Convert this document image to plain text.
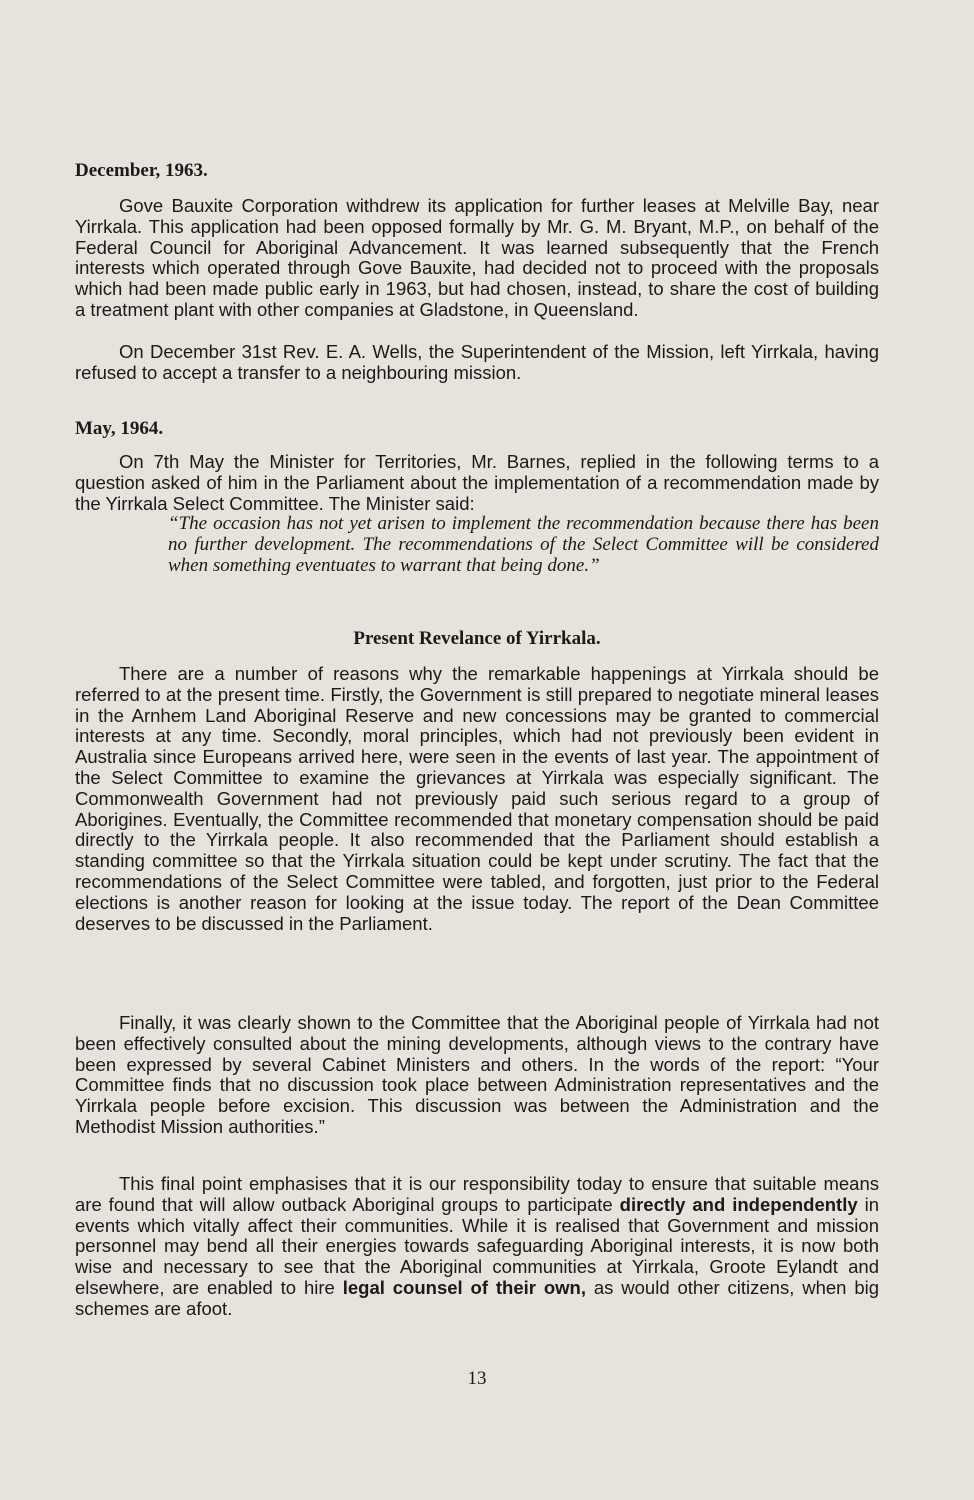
December, 1963.

Gove Bauxite Corporation withdrew its application for further leases at Melville Bay, near Yirrkala. This application had been opposed formally by Mr. G. M. Bryant, M.P., on behalf of the Federal Council for Aboriginal Advancement. It was learned subsequently that the French interests which operated through Gove Bauxite, had decided not to proceed with the proposals which had been made public early in 1963, but had chosen, instead, to share the cost of building a treatment plant with other companies at Gladstone, in Queensland.

On December 31st Rev. E. A. Wells, the Superintendent of the Mission, left Yirrkala, having refused to accept a transfer to a neighbouring mission.

May, 1964.

On 7th May the Minister for Territories, Mr. Barnes, replied in the following terms to a question asked of him in the Parliament about the implementation of a recommendation made by the Yirrkala Select Committee. The Minister said:

“The occasion has not yet arisen to implement the recommendation because there has been no further development. The recommendations of the Select Committee will be considered when something eventuates to warrant that being done.”

Present Revelance of Yirrkala.

There are a number of reasons why the remarkable happenings at Yirrkala should be referred to at the present time. Firstly, the Government is still prepared to negotiate mineral leases in the Arnhem Land Aboriginal Reserve and new concessions may be granted to commercial interests at any time. Secondly, moral principles, which had not previously been evident in Australia since Europeans arrived here, were seen in the events of last year. The appointment of the Select Committee to examine the grievances at Yirrkala was especially significant. The Commonwealth Government had not previously paid such serious regard to a group of Aborigines. Eventually, the Committee recommended that monetary compensation should be paid directly to the Yirrkala people. It also recommended that the Parliament should establish a standing committee so that the Yirrkala situation could be kept under scrutiny. The fact that the recommendations of the Select Committee were tabled, and forgotten, just prior to the Federal elections is another reason for looking at the issue today. The report of the Dean Committee deserves to be discussed in the Parliament.

Finally, it was clearly shown to the Committee that the Aboriginal people of Yirrkala had not been effectively consulted about the mining developments, although views to the contrary have been expressed by several Cabinet Ministers and others. In the words of the report: “Your Committee finds that no discussion took place between Administration representatives and the Yirrkala people before excision. This discussion was between the Administration and the Methodist Mission authorities.”

This final point emphasises that it is our responsibility today to ensure that suitable means are found that will allow outback Aboriginal groups to participate directly and independently in events which vitally affect their communities. While it is realised that Government and mission personnel may bend all their energies towards safeguarding Aboriginal interests, it is now both wise and necessary to see that the Aboriginal communities at Yirrkala, Groote Eylandt and elsewhere, are enabled to hire legal counsel of their own, as would other citizens, when big schemes are afoot.

13
